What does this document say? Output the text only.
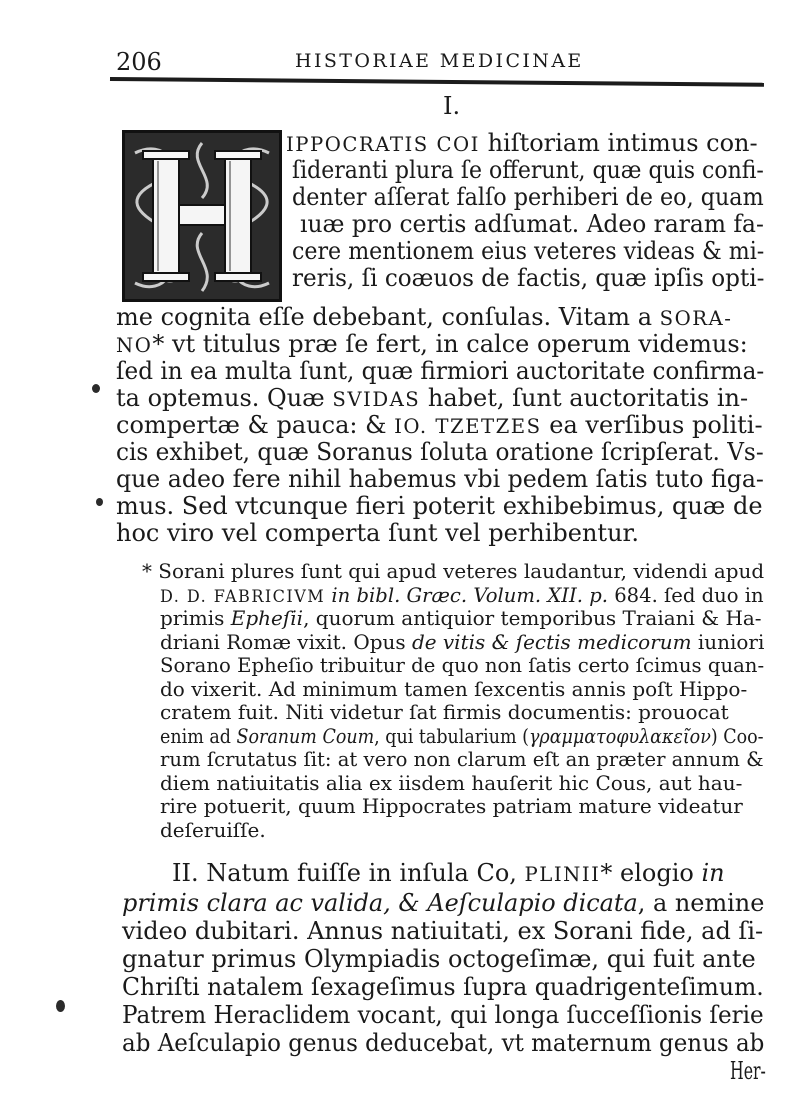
206	HISTORIAE MEDICINAE
I.
IPPOCRATIS COI hiſtoriam intimus con-
ſideranti plura ſe offerunt, quæ quis confi-
denter aſſerat falſo perhiberi de eo, quam
ıuæ pro certis adſumat. Adeo raram fa-
cere mentionem eius veteres videas & mi-
reris, ſi coæuos de factis, quæ ipſis opti-
me cognita eſſe debebant, conſulas. Vitam a SORA-
NO* vt titulus præ ſe fert, in calce operum videmus:
ſed in ea multa ſunt, quæ firmiori auctoritate confirma-
ta optemus. Quæ SVIDAS habet, ſunt auctoritatis in-
compertæ & pauca: & IO. TZETZES ea verſibus politi-
cis exhibet, quæ Soranus ſoluta oratione ſcripſerat. Vs-
que adeo fere nihil habemus vbi pedem ſatis tuto figa-
mus. Sed vtcunque fieri poterit exhibebimus, quæ de
hoc viro vel comperta ſunt vel perhibentur.
* Sorani plures ſunt qui apud veteres laudantur, videndi apud
D. D. FABRICIVM in bibl. Græc. Volum. XII. p. 684. ſed duo in
primis Epheſii, quorum antiquior temporibus Traiani & Ha-
driani Romæ vixit. Opus de vitis & ſectis medicorum iuniori
Sorano Epheſio tribuitur de quo non ſatis certo ſcimus quan-
do vixerit. Ad minimum tamen ſexcentis annis poſt Hippo-
cratem fuit. Niti videtur ſat firmis documentis: prouocat
enim ad Soranum Coum, qui tabularium (γραμματοφυλακεῖον) Coo-
rum ſcrutatus ſit: at vero non clarum eſt an præter annum &
diem natiuitatis alia ex iisdem hauſerit hic Cous, aut hau-
rire potuerit, quum Hippocrates patriam mature videatur
deſeruiſſe.
II. Natum fuiſſe in inſula Co, PLINII* elogio in
primis clara ac valida, & Aeſculapio dicata, a nemine
video dubitari. Annus natiuitati, ex Sorani fide, ad ſi-
gnatur primus Olympiadis octogeſimæ, qui fuit ante
Chriſti natalem ſexageſimus ſupra quadrigenteſimum.
Patrem Heraclidem vocant, qui longa ſucceſſionis ſerie
ab Aeſculapio genus deducebat, vt maternum genus ab
Her-
